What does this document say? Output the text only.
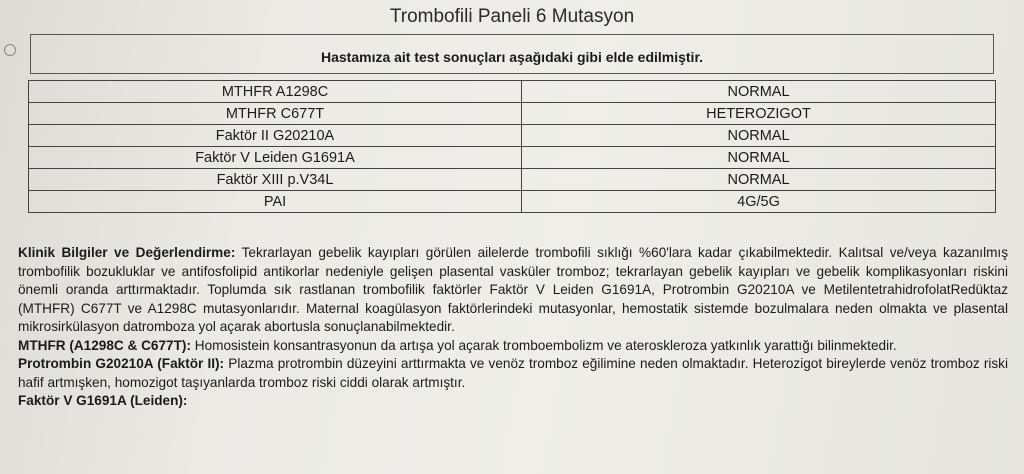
Trombofili Paneli 6 Mutasyon
Hastamıza ait test sonuçları aşağıdaki gibi elde edilmiştir.
MTHFR A1298C	NORMAL
MTHFR C677T	HETEROZIGOT
Faktör II G20210A	NORMAL
Faktör V Leiden G1691A	NORMAL
Faktör XIII p.V34L	NORMAL
PAI	4G/5G

Klinik Bilgiler ve Değerlendirme: Tekrarlayan gebelik kayıpları görülen ailelerde trombofili sıklığı %60'lara kadar çıkabilmektedir. Kalıtsal ve/veya kazanılmış trombofilik bozukluklar ve antifosfolipid antikorlar nedeniyle gelişen plasental vasküler tromboz; tekrarlayan gebelik kayıpları ve gebelik komplikasyonları riskini önemli oranda arttırmaktadır. Toplumda sık rastlanan trombofilik faktörler Faktör V Leiden G1691A, Protrombin G20210A ve MetilentetrahidrofolatRedüktaz (MTHFR) C677T ve A1298C mutasyonlarıdır. Maternal koagülasyon faktörlerindeki mutasyonlar, hemostatik sistemde bozulmalara neden olmakta ve plasental mikrosirkülasyon datromboza yol açarak abortusla sonuçlanabilmektedir.

MTHFR (A1298C & C677T): Homosistein konsantrasyonun da artışa yol açarak tromboembolizm ve ateroskleroza yatkınlık yarattığı bilinmektedir.

Protrombin G20210A (Faktör II): Plazma protrombin düzeyini arttırmakta ve venöz tromboz eğilimine neden olmaktadır. Heterozigot bireylerde venöz tromboz riski hafif artmışken, homozigot taşıyanlarda tromboz riski ciddi olarak artmıştır.

Faktör V G1691A (Leiden):
